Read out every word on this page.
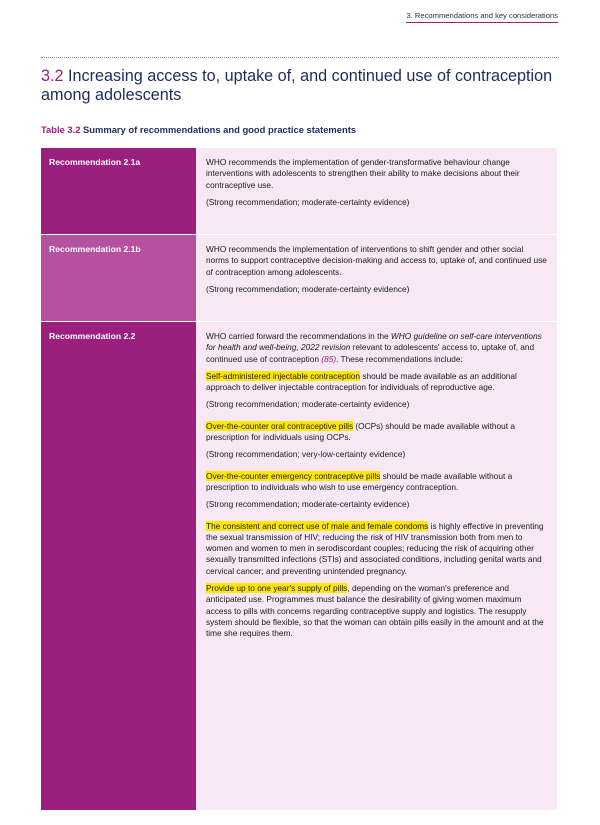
3. Recommendations and key considerations
3.2 Increasing access to, uptake of, and continued use of contraception among adolescents
Table 3.2 Summary of recommendations and good practice statements
Recommendation 2.1a	WHO recommends the implementation of gender-transformative behaviour change interventions with adolescents to strengthen their ability to make decisions about their contraceptive use.

(Strong recommendation; moderate-certainty evidence)

Recommendation 2.1b	WHO recommends the implementation of interventions to shift gender and other social norms to support contraceptive decision-making and access to, uptake of, and continued use of contraception among adolescents.

(Strong recommendation; moderate-certainty evidence)

Recommendation 2.2	WHO carried forward the recommendations in the WHO guideline on self-care interventions for health and well-being, 2022 revision relevant to adolescents' access to, uptake of, and continued use of contraception (85). These recommendations include:

Self-administered injectable contraception should be made available as an additional approach to deliver injectable contraception for individuals of reproductive age.

(Strong recommendation; moderate-certainty evidence)

Over-the-counter oral contraceptive pills (OCPs) should be made available without a prescription for individuals using OCPs.

(Strong recommendation; very-low-certainty evidence)

Over-the-counter emergency contraceptive pills should be made available without a prescription to individuals who wish to use emergency contraception.

(Strong recommendation; moderate-certainty evidence)

The consistent and correct use of male and female condoms is highly effective in preventing the sexual transmission of HIV; reducing the risk of HIV transmission both from men to women and women to men in serodiscordant couples; reducing the risk of acquiring other sexually transmitted infections (STIs) and associated conditions, including genital warts and cervical cancer; and preventing unintended pregnancy.

Provide up to one year's supply of pills, depending on the woman's preference and anticipated use. Programmes must balance the desirability of giving women maximum access to pills with concerns regarding contraceptive supply and logistics. The resupply system should be flexible, so that the woman can obtain pills easily in the amount and at the time she requires them.
